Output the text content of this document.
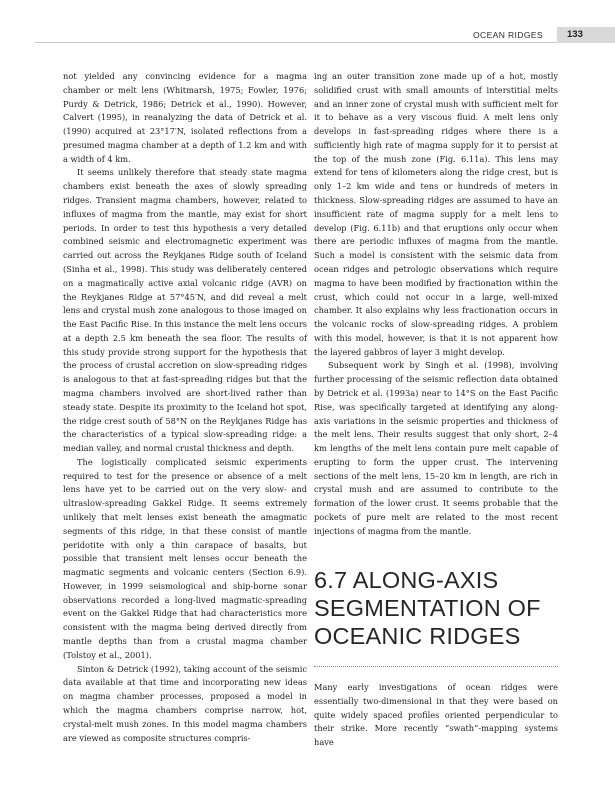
OCEAN RIDGES	133

not yielded any convincing evidence for a magma chamber or melt lens (Whitmarsh, 1975; Fowler, 1976; Purdy & Detrick, 1986; Detrick et al., 1990). However, Calvert (1995), in reanalyzing the data of Detrick et al. (1990) acquired at 23°17′N, isolated reflections from a presumed magma chamber at a depth of 1.2 km and with a width of 4 km.

It seems unlikely therefore that steady state magma chambers exist beneath the axes of slowly spreading ridges. Transient magma chambers, however, related to influxes of magma from the mantle, may exist for short periods. In order to test this hypothesis a very detailed combined seismic and electromagnetic experiment was carried out across the Reykjanes Ridge south of Iceland (Sinha et al., 1998). This study was deliberately centered on a magmatically active axial volcanic ridge (AVR) on the Reykjanes Ridge at 57°45′N, and did reveal a melt lens and crystal mush zone analogous to those imaged on the East Pacific Rise. In this instance the melt lens occurs at a depth 2.5 km beneath the sea floor. The results of this study provide strong support for the hypothesis that the process of crustal accretion on slow-spreading ridges is analogous to that at fast-spreading ridges but that the magma chambers involved are short-lived rather than steady state. Despite its proximity to the Iceland hot spot, the ridge crest south of 58°N on the Reykjanes Ridge has the characteristics of a typical slow-spreading ridge: a median valley, and normal crustal thickness and depth.

The logistically complicated seismic experiments required to test for the presence or absence of a melt lens have yet to be carried out on the very slow- and ultraslow-spreading Gakkel Ridge. It seems extremely unlikely that melt lenses exist beneath the amagmatic segments of this ridge, in that these consist of mantle peridotite with only a thin carapace of basalts, but possible that transient melt lenses occur beneath the magmatic segments and volcanic centers (Section 6.9). However, in 1999 seismological and ship-borne sonar observations recorded a long-lived magmatic-spreading event on the Gakkel Ridge that had characteristics more consistent with the magma being derived directly from mantle depths than from a crustal magma chamber (Tolstoy et al., 2001).

Sinton & Detrick (1992), taking account of the seismic data available at that time and incorporating new ideas on magma chamber processes, proposed a model in which the magma chambers comprise narrow, hot, crystal-melt mush zones. In this model magma chambers are viewed as composite structures compris-

ing an outer transition zone made up of a hot, mostly solidified crust with small amounts of interstitial melts and an inner zone of crystal mush with sufficient melt for it to behave as a very viscous fluid. A melt lens only develops in fast-spreading ridges where there is a sufficiently high rate of magma supply for it to persist at the top of the mush zone (Fig. 6.11a). This lens may extend for tens of kilometers along the ridge crest, but is only 1–2 km wide and tens or hundreds of meters in thickness. Slow-spreading ridges are assumed to have an insufficient rate of magma supply for a melt lens to develop (Fig. 6.11b) and that eruptions only occur when there are periodic influxes of magma from the mantle. Such a model is consistent with the seismic data from ocean ridges and petrologic observations which require magma to have been modified by fractionation within the crust, which could not occur in a large, well-mixed chamber. It also explains why less fractionation occurs in the volcanic rocks of slow-spreading ridges. A problem with this model, however, is that it is not apparent how the layered gabbros of layer 3 might develop.

Subsequent work by Singh et al. (1998), involving further processing of the seismic reflection data obtained by Detrick et al. (1993a) near to 14°S on the East Pacific Rise, was specifically targeted at identifying any along-axis variations in the seismic properties and thickness of the melt lens. Their results suggest that only short, 2–4 km lengths of the melt lens contain pure melt capable of erupting to form the upper crust. The intervening sections of the melt lens, 15–20 km in length, are rich in crystal mush and are assumed to contribute to the formation of the lower crust. It seems probable that the pockets of pure melt are related to the most recent injections of magma from the mantle.

6.7 ALONG-AXIS
SEGMENTATION OF
OCEANIC RIDGES

Many early investigations of ocean ridges were essentially two-dimensional in that they were based on quite widely spaced profiles oriented perpendicular to their strike. More recently “swath”-mapping systems have
